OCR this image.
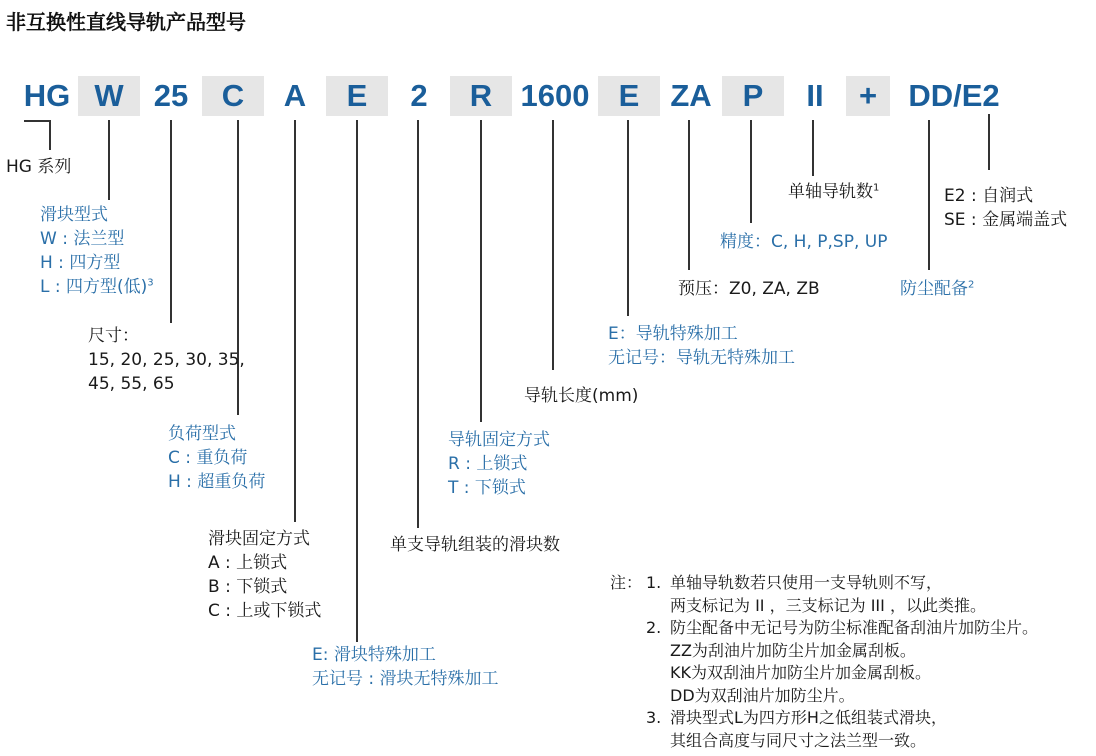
非互换性直线导轨产品型号
HG W 25	C	A	E	2	R 1600 E ZA	P	II	+	DD/E2
HG 系列
滑块型式
W : 法兰型
H : 四方型
L : 四方型(低)$^3$
尺寸：
15, 20, 25, 30, 35,
45, 55, 65
负荷型式
C : 重负荷
H : 超重负荷
滑块固定方式
A : 上锁式
B : 下锁式
C : 上或下锁式
E: 滑块特殊加工
无记号 : 滑块无特殊加工
单支导轨组装的滑块数
导轨固定方式
R : 上锁式
T : 下锁式
导轨长度(mm)
E：导轨特殊加工
无记号：导轨无特殊加工
预压：Z0, ZA, ZB
精度：C, H, P,SP, UP
单轴导轨数$^1$
防尘配备$^2$
E2 : 自润式
SE : 金属端盖式
注： 1. 单轴导轨数若只使用一支导轨则不写，
两支标记为 II ，三支标记为 III ，以此类推。
2. 防尘配备中无记号为防尘标准配备刮油片加防尘片。
ZZ为刮油片加防尘片加金属刮板。
KK为双刮油片加防尘片加金属刮板。
DD为双刮油片加防尘片。
3. 滑块型式L为四方形H之低组装式滑块，
其组合高度与同尺寸之法兰型一致。
